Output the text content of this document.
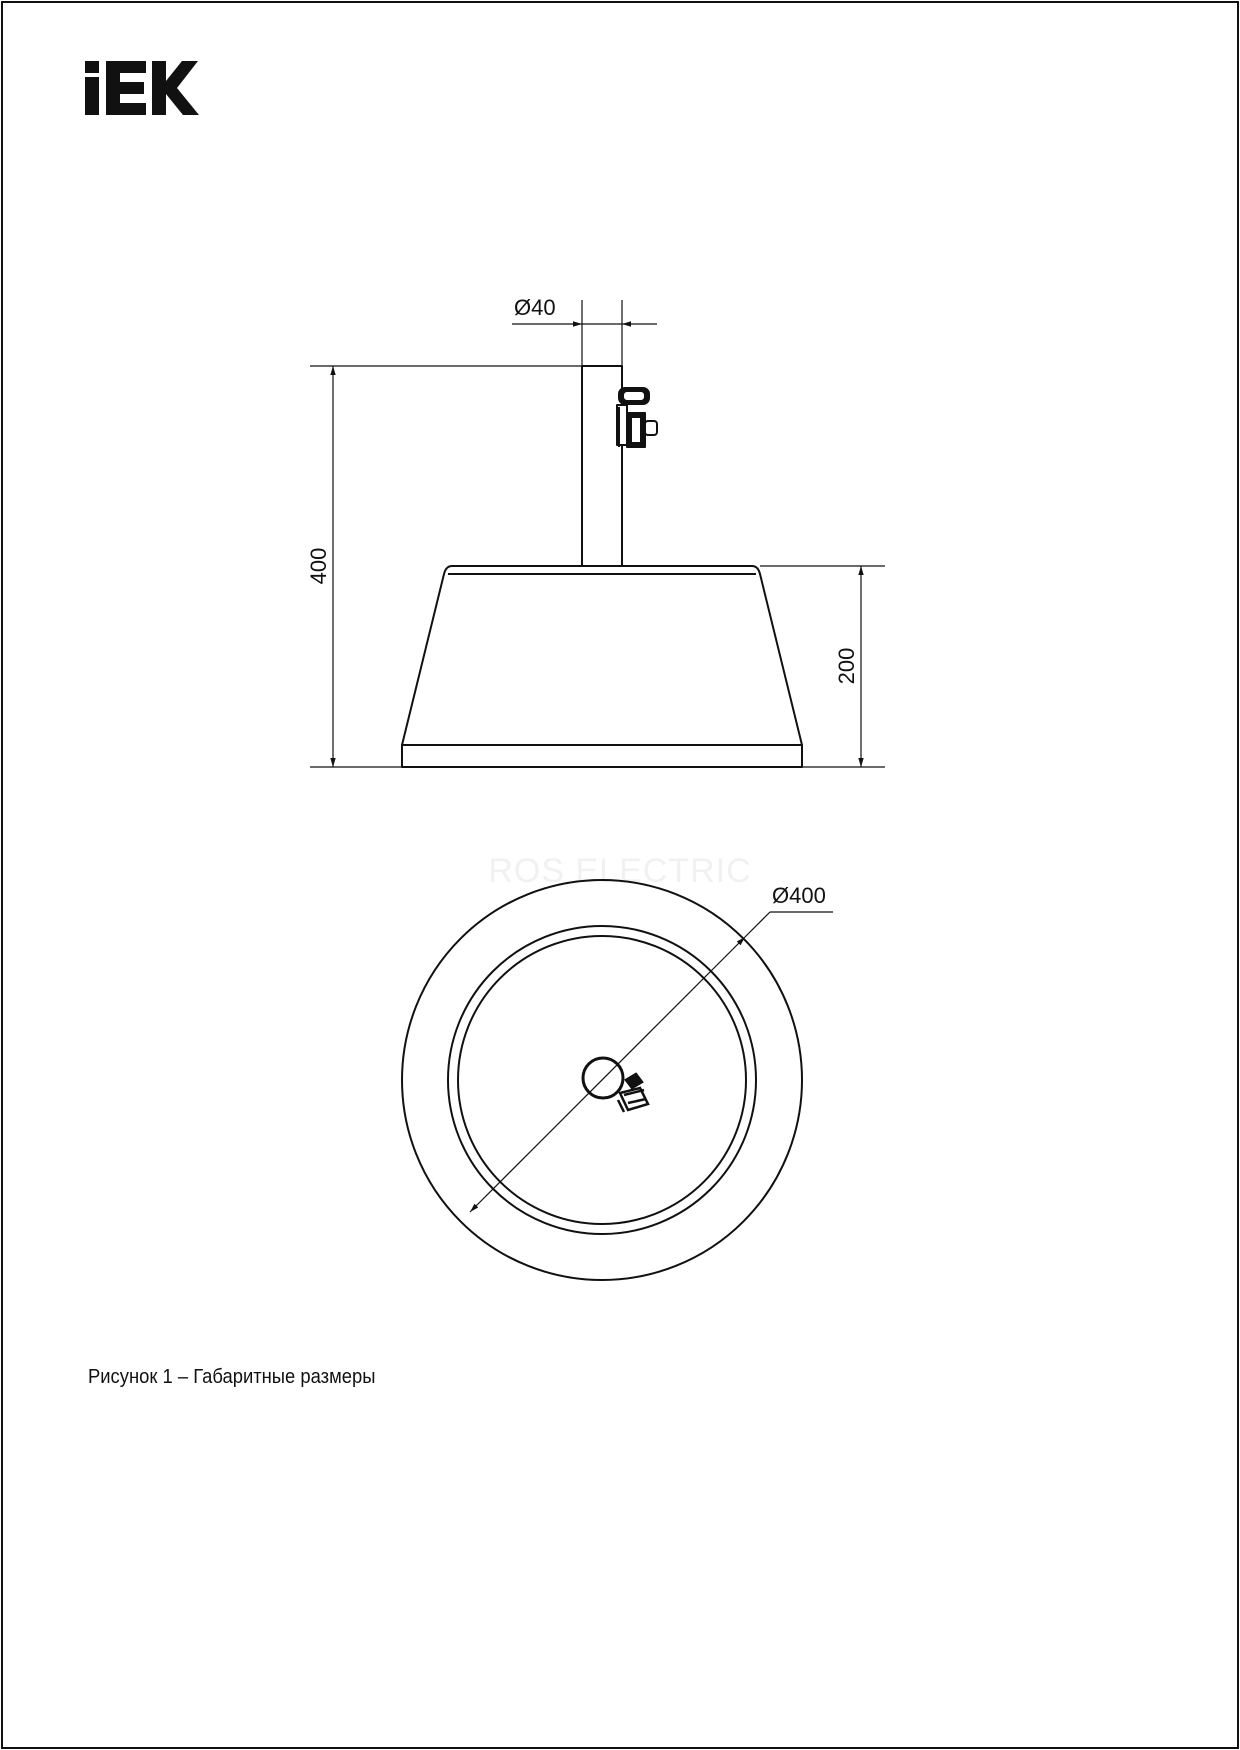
Ø40
400
200
ROS ELECTRIC
Ø400
Рисунок 1 – Габаритные размеры
